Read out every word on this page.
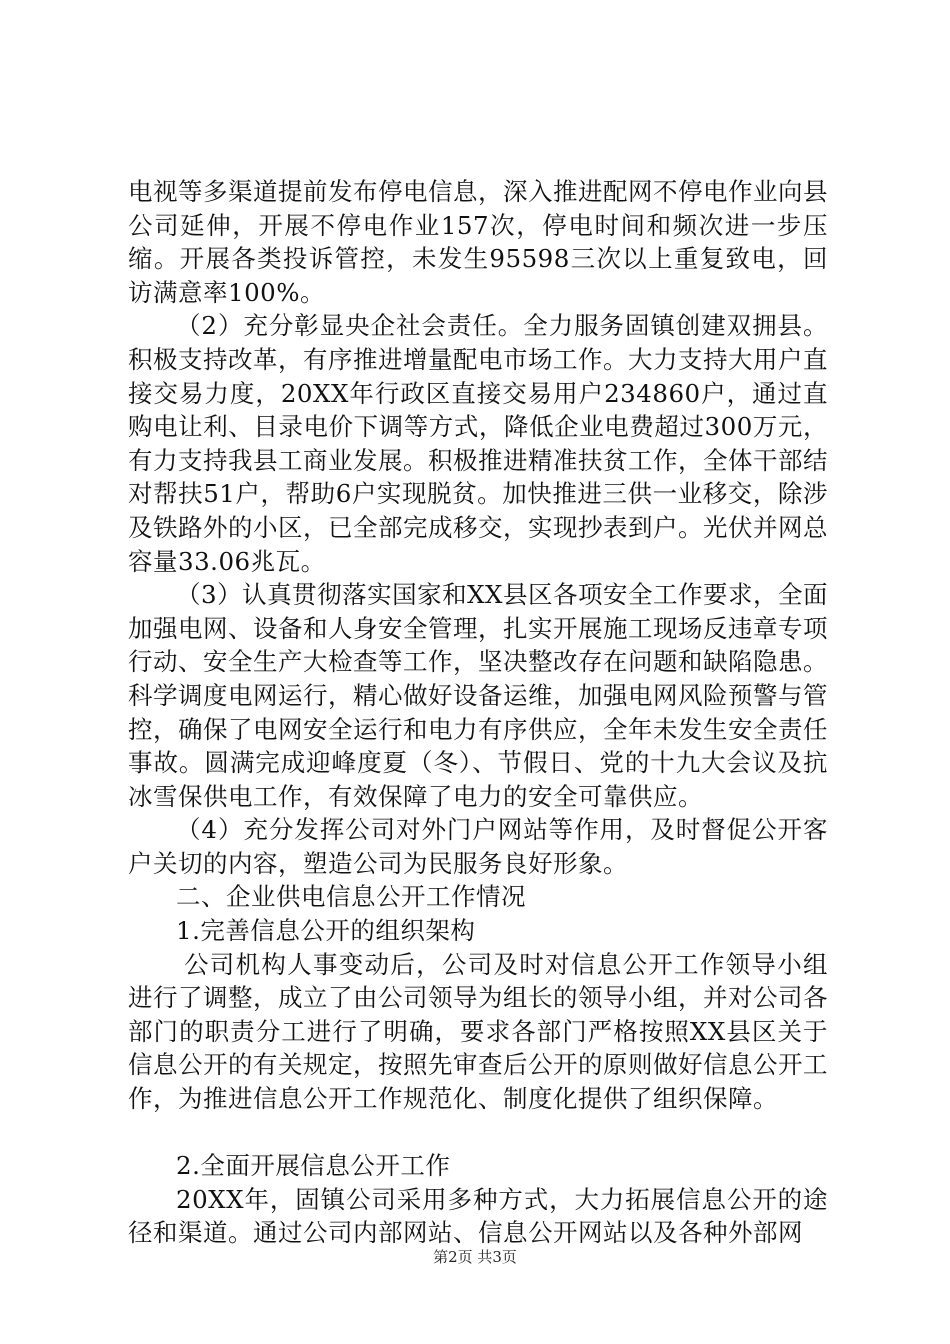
电视等多渠道提前发布停电信息，深入推进配网不停电作业向县公司延伸，开展不停电作业157次，停电时间和频次进一步压缩。开展各类投诉管控，未发生95598三次以上重复致电，回访满意率100%。

（2）充分彰显央企社会责任。全力服务固镇创建双拥县。积极支持改革，有序推进增量配电市场工作。大力支持大用户直接交易力度，20XX年行政区直接交易用户234860户，通过直购电让利、目录电价下调等方式，降低企业电费超过300万元，有力支持我县工商业发展。积极推进精准扶贫工作，全体干部结对帮扶51户，帮助6户实现脱贫。加快推进三供一业移交，除涉及铁路外的小区，已全部完成移交，实现抄表到户。光伏并网总容量33.06兆瓦。

（3）认真贯彻落实国家和XX县区各项安全工作要求，全面加强电网、设备和人身安全管理，扎实开展施工现场反违章专项行动、安全生产大检查等工作，坚决整改存在问题和缺陷隐患。科学调度电网运行，精心做好设备运维，加强电网风险预警与管控，确保了电网安全运行和电力有序供应，全年未发生安全责任事故。圆满完成迎峰度夏（冬）、节假日、党的十九大会议及抗冰雪保供电工作，有效保障了电力的安全可靠供应。

（4）充分发挥公司对外门户网站等作用，及时督促公开客户关切的内容，塑造公司为民服务良好形象。

二、企业供电信息公开工作情况

1.完善信息公开的组织架构

公司机构人事变动后，公司及时对信息公开工作领导小组进行了调整，成立了由公司领导为组长的领导小组，并对公司各部门的职责分工进行了明确，要求各部门严格按照XX县区关于信息公开的有关规定，按照先审查后公开的原则做好信息公开工作，为推进信息公开工作规范化、制度化提供了组织保障。

2.全面开展信息公开工作

20XX年，固镇公司采用多种方式，大力拓展信息公开的途径和渠道。通过公司内部网站、信息公开网站以及各种外部网

第2页 共3页
